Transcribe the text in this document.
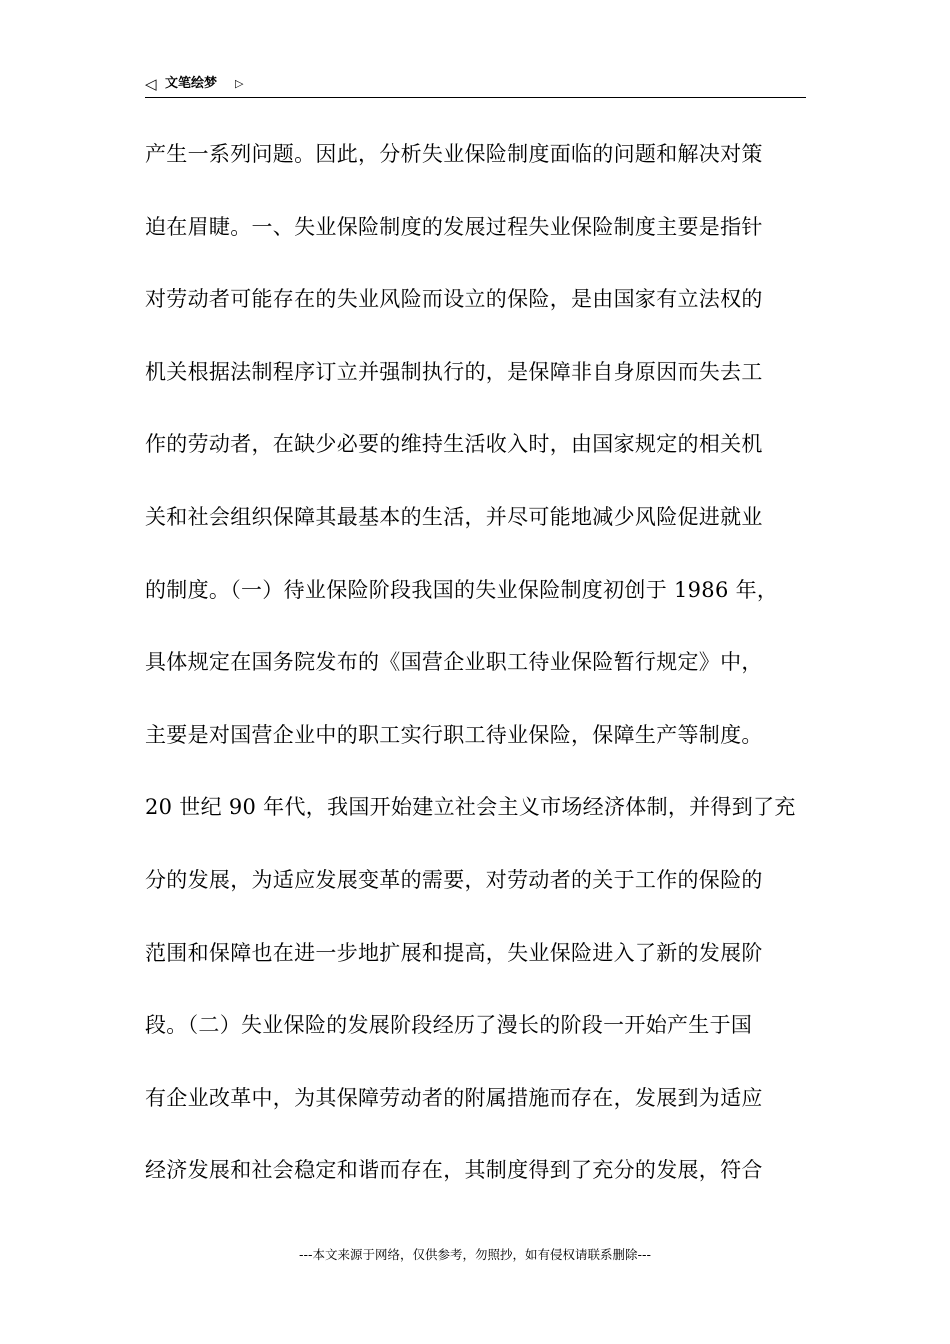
◁ 文笔绘梦 ▷
产生一系列问题。因此，分析失业保险制度面临的问题和解决对策
迫在眉睫。一、失业保险制度的发展过程失业保险制度主要是指针
对劳动者可能存在的失业风险而设立的保险，是由国家有立法权的
机关根据法制程序订立并强制执行的，是保障非自身原因而失去工
作的劳动者，在缺少必要的维持生活收入时，由国家规定的相关机
关和社会组织保障其最基本的生活，并尽可能地减少风险促进就业
的制度。（一）待业保险阶段我国的失业保险制度初创于 1986 年，
具体规定在国务院发布的《国营企业职工待业保险暂行规定》中，
主要是对国营企业中的职工实行职工待业保险，保障生产等制度。
20 世纪 90 年代，我国开始建立社会主义市场经济体制，并得到了充
分的发展，为适应发展变革的需要，对劳动者的关于工作的保险的
范围和保障也在进一步地扩展和提高，失业保险进入了新的发展阶
段。（二）失业保险的发展阶段经历了漫长的阶段一开始产生于国
有企业改革中，为其保障劳动者的附属措施而存在，发展到为适应
经济发展和社会稳定和谐而存在，其制度得到了充分的发展，符合
---本文来源于网络，仅供参考，勿照抄，如有侵权请联系删除---
